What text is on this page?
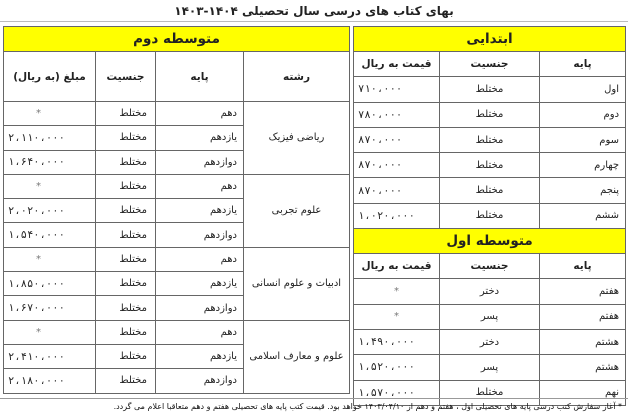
بهای کتاب های درسی سال تحصیلی ۱۴۰۴-۱۴۰۳
ابتدایی		
قیمت به ریال	جنسیت	پایه
۷۱۰،۰۰۰	مختلط	اول
۷۸۰،۰۰۰	مختلط	دوم
۸۷۰،۰۰۰	مختلط	سوم
۸۷۰،۰۰۰	مختلط	چهارم
۸۷۰،۰۰۰	مختلط	پنجم
۱،۰۲۰،۰۰۰	مختلط	ششم
متوسطه اول		
قیمت به ریال	جنسیت	پایه
*	دختر	هفتم
*	پسر	هفتم
۱،۴۹۰،۰۰۰	دختر	هشتم
۱،۵۲۰،۰۰۰	پسر	هشتم
۱،۵۷۰،۰۰۰	مختلط	نهم
متوسطه دوم			
مبلغ (به ریال)	جنسیت	پایه	رشته
*	مختلط	دهم	ریاضی فیزیک
۲،۱۱۰،۰۰۰	مختلط	یازدهم	
۱،۶۴۰،۰۰۰	مختلط	دوازدهم	
*	مختلط	دهم	علوم تجربی
۲،۰۲۰،۰۰۰	مختلط	یازدهم	
۱،۵۴۰،۰۰۰	مختلط	دوازدهم	
*	مختلط	دهم	ادبیات و علوم انسانی
۱،۸۵۰،۰۰۰	مختلط	یازدهم	
۱،۶۷۰،۰۰۰	مختلط	دوازدهم	
*	مختلط	دهم	علوم و معارف اسلامی
۲،۴۱۰،۰۰۰	مختلط	یازدهم	
۲،۱۸۰،۰۰۰	مختلط	دوازدهم	
* آغاز سفارش کتب درسی پایه های تحصیلی اول ، هفتم و دهم از ۱۴۰۳/۰۴/۱۰ خواهد بود. قیمت کتب پایه های تحصیلی هفتم و دهم متعاقبا اعلام می گردد.
